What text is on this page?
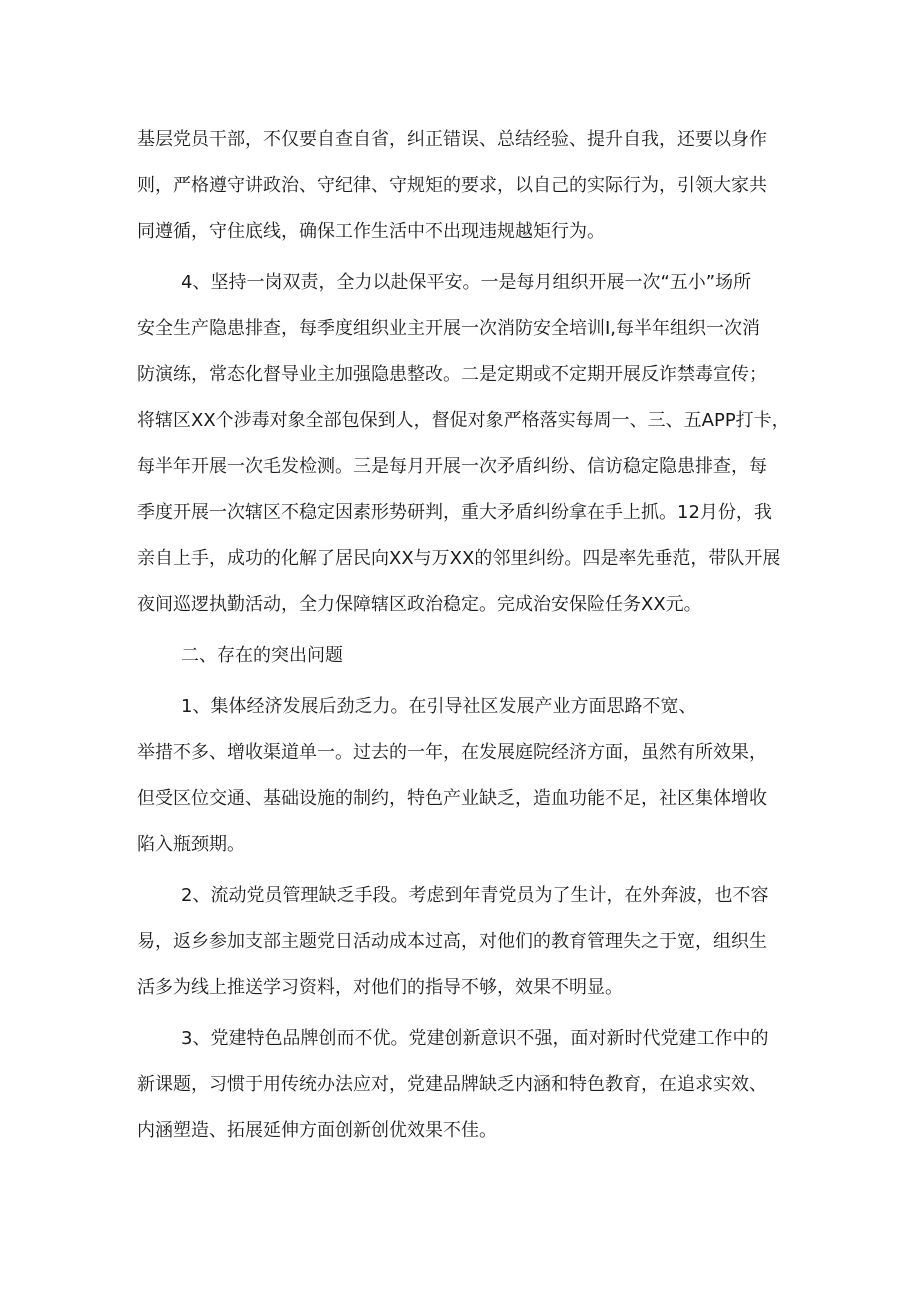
基层党员干部，不仅要自查自省，纠正错误、总结经验、提升自我，还要以身作
则，严格遵守讲政治、守纪律、守规矩的要求，以自己的实际行为，引领大家共
同遵循，守住底线，确保工作生活中不出现违规越矩行为。

4、坚持一岗双责，全力以赴保平安。一是每月组织开展一次“五小”场所
安全生产隐患排查，每季度组织业主开展一次消防安全培训I,每半年组织一次消
防演练，常态化督导业主加强隐患整改。二是定期或不定期开展反诈禁毒宣传；
将辖区XX个涉毒对象全部包保到人，督促对象严格落实每周一、三、五APP打卡，
每半年开展一次毛发检测。三是每月开展一次矛盾纠纷、信访稳定隐患排查，每
季度开展一次辖区不稳定因素形势研判，重大矛盾纠纷拿在手上抓。12月份，我
亲自上手，成功的化解了居民向XX与万XX的邻里纠纷。四是率先垂范，带队开展
夜间巡逻执勤活动，全力保障辖区政治稳定。完成治安保险任务XX元。

二、存在的突出问题

1、集体经济发展后劲乏力。在引导社区发展产业方面思路不宽、
举措不多、增收渠道单一。过去的一年，在发展庭院经济方面，虽然有所效果，
但受区位交通、基础设施的制约，特色产业缺乏，造血功能不足，社区集体增收
陷入瓶颈期。

2、流动党员管理缺乏手段。考虑到年青党员为了生计，在外奔波，也不容
易，返乡参加支部主题党日活动成本过高，对他们的教育管理失之于宽，组织生
活多为线上推送学习资料，对他们的指导不够，效果不明显。

3、党建特色品牌创而不优。党建创新意识不强，面对新时代党建工作中的
新课题，习惯于用传统办法应对，党建品牌缺乏内涵和特色教育，在追求实效、
内涵塑造、拓展延伸方面创新创优效果不佳。
